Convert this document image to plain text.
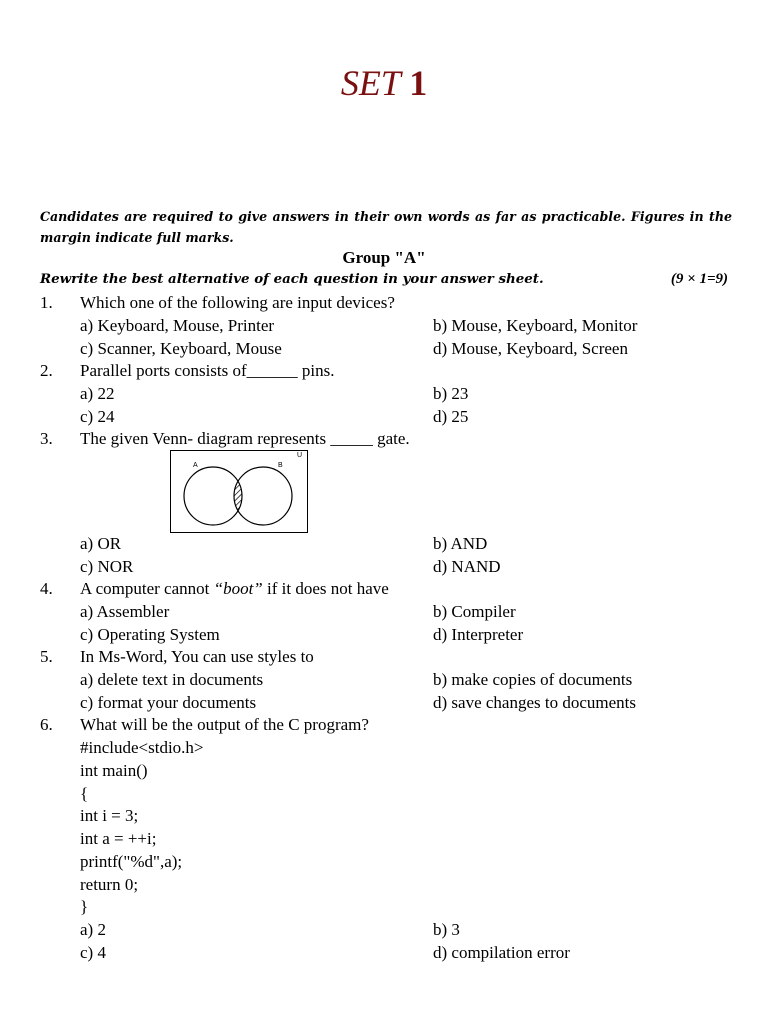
SET 1
Candidates are required to give answers in their own words as far as practicable. Figures in the margin indicate full marks.
Group "A"
Rewrite the best alternative of each question in your answer sheet.	(9 × 1=9)
1. Which one of the following are input devices?
a) Keyboard, Mouse, Printer	b) Mouse, Keyboard, Monitor
c) Scanner, Keyboard, Mouse	d) Mouse, Keyboard, Screen
2. Parallel ports consists of______ pins.
a) 22	b) 23
c) 24	d) 25
3. The given Venn- diagram represents _____ gate.
A	B
U
a) OR	b) AND
c) NOR	d) NAND
4. A computer cannot “boot” if it does not have
a) Assembler	b) Compiler
c) Operating System	d) Interpreter
5. In Ms-Word, You can use styles to
a) delete text in documents	b) make copies of documents
c) format your documents	d) save changes to documents
6. What will be the output of the C program?
#include<stdio.h>
int main()
{
int i = 3;
int a = ++i;
printf("%d",a);
return 0;
}
a) 2	b) 3
c) 4	d) compilation error
